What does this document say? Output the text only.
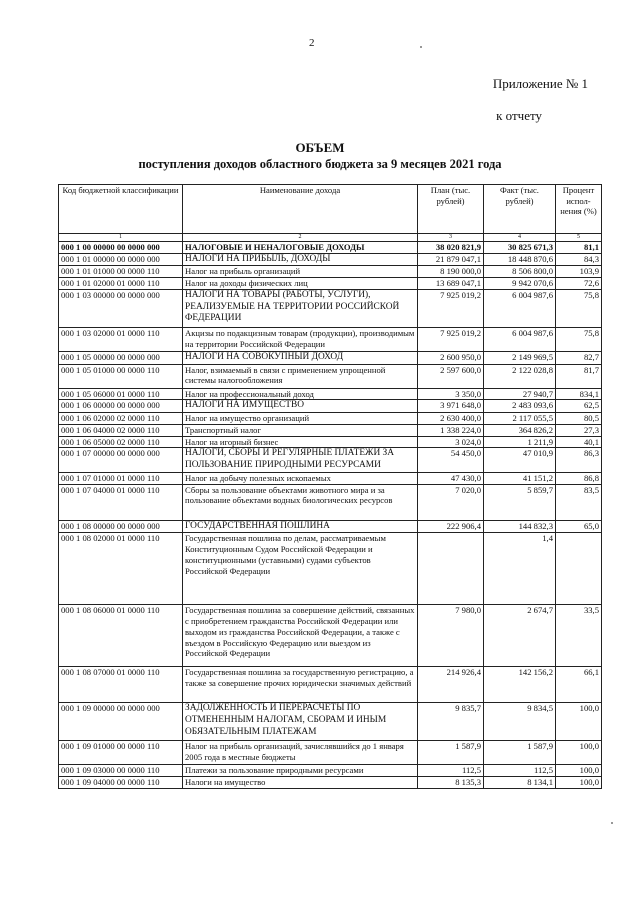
2
Приложение № 1
к отчету
ОБЪЕМ
поступления доходов областного бюджета за 9 месяцев 2021 года
Код бюджетной классификации	Наименование дохода	План (тыс. рублей)	Факт (тыс. рублей)	Процент испол-нения (%)
1	2	3	4	5
000 1 00 00000 00 0000 000	НАЛОГОВЫЕ И НЕНАЛОГОВЫЕ ДОХОДЫ	38 020 821,9	30 825 671,3	81,1
000 1 01 00000 00 0000 000	НАЛОГИ НА ПРИБЫЛЬ, ДОХОДЫ	21 879 047,1	18 448 870,6	84,3
000 1 01 01000 00 0000 110	Налог на прибыль организаций	8 190 000,0	8 506 800,0	103,9
000 1 01 02000 01 0000 110	Налог на доходы физических лиц	13 689 047,1	9 942 070,6	72,6
000 1 03 00000 00 0000 000	НАЛОГИ НА ТОВАРЫ (РАБОТЫ, УСЛУГИ), РЕАЛИЗУЕМЫЕ НА ТЕРРИТОРИИ РОССИЙСКОЙ ФЕДЕРАЦИИ	7 925 019,2	6 004 987,6	75,8
000 1 03 02000 01 0000 110	Акцизы по подакцизным товарам (продукции), производимым на территории Российской Федерации	7 925 019,2	6 004 987,6	75,8
000 1 05 00000 00 0000 000	НАЛОГИ НА СОВОКУПНЫЙ ДОХОД	2 600 950,0	2 149 969,5	82,7
000 1 05 01000 00 0000 110	Налог, взимаемый в связи с применением упрощенной системы налогообложения	2 597 600,0	2 122 028,8	81,7
000 1 05 06000 01 0000 110	Налог на профессиональный доход	3 350,0	27 940,7	834,1
000 1 06 00000 00 0000 000	НАЛОГИ НА ИМУЩЕСТВО	3 971 648,0	2 483 093,6	62,5
000 1 06 02000 02 0000 110	Налог на имущество организаций	2 630 400,0	2 117 055,5	80,5
000 1 06 04000 02 0000 110	Транспортный налог	1 338 224,0	364 826,2	27,3
000 1 06 05000 02 0000 110	Налог на игорный бизнес	3 024,0	1 211,9	40,1
000 1 07 00000 00 0000 000	НАЛОГИ, СБОРЫ И РЕГУЛЯРНЫЕ ПЛАТЕЖИ ЗА ПОЛЬЗОВАНИЕ ПРИРОДНЫМИ РЕСУРСАМИ	54 450,0	47 010,9	86,3
000 1 07 01000 01 0000 110	Налог на добычу полезных ископаемых	47 430,0	41 151,2	86,8
000 1 07 04000 01 0000 110	Сборы за пользование объектами животного мира и за пользование объектами водных биологических ресурсов	7 020,0	5 859,7	83,5
000 1 08 00000 00 0000 000	ГОСУДАРСТВЕННАЯ ПОШЛИНА	222 906,4	144 832,3	65,0
000 1 08 02000 01 0000 110	Государственная пошлина по делам, рассматриваемым Конституционным Судом Российской Федерации и конституционными (уставными) судами субъектов Российской Федерации		1,4	
000 1 08 06000 01 0000 110	Государственная пошлина за совершение действий, связанных с приобретением гражданства Российской Федерации или выходом из гражданства Российской Федерации, а также с въездом в Российскую Федерацию или выездом из Российской Федерации	7 980,0	2 674,7	33,5
000 1 08 07000 01 0000 110	Государственная пошлина за государственную регистрацию, а также за совершение прочих юридически значимых действий	214 926,4	142 156,2	66,1
000 1 09 00000 00 0000 000	ЗАДОЛЖЕННОСТЬ И ПЕРЕРАСЧЕТЫ ПО ОТМЕНЕННЫМ НАЛОГАМ, СБОРАМ И ИНЫМ ОБЯЗАТЕЛЬНЫМ ПЛАТЕЖАМ	9 835,7	9 834,5	100,0
000 1 09 01000 00 0000 110	Налог на прибыль организаций, зачислявшийся до 1 января 2005 года в местные бюджеты	1 587,9	1 587,9	100,0
000 1 09 03000 00 0000 110	Платежи за пользование природными ресурсами	112,5	112,5	100,0
000 1 09 04000 00 0000 110	Налоги на имущество	8 135,3	8 134,1	100,0
